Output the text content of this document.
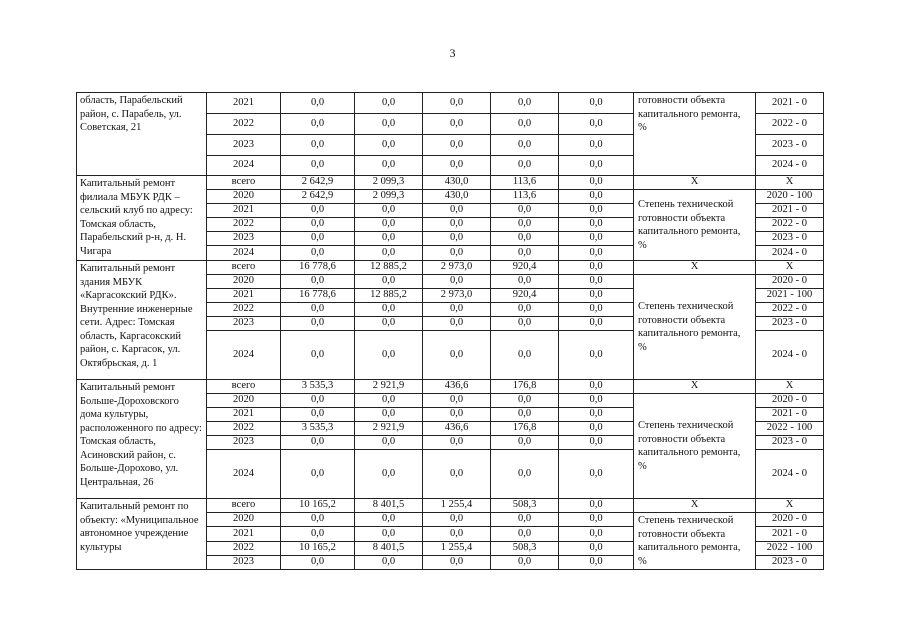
3
область, Парабельский район, с. Парабель, ул. Советская, 21	2021	0,0	0,0	0,0	0,0	0,0	готовности объекта капитального ремонта, %	2021 - 0
	2022	0,0	0,0	0,0	0,0	0,0		2022 - 0
	2023	0,0	0,0	0,0	0,0	0,0		2023 - 0
	2024	0,0	0,0	0,0	0,0	0,0		2024 - 0
Капитальный ремонт филиала МБУК РДК – сельский клуб по адресу: Томская область, Парабельский р-н, д. Н. Чигара	всего	2 642,9	2 099,3	430,0	113,6	0,0	X	X
	2020	2 642,9	2 099,3	430,0	113,6	0,0	Степень технической готовности объекта капитального ремонта, %	2020 - 100
	2021	0,0	0,0	0,0	0,0	0,0		2021 - 0
	2022	0,0	0,0	0,0	0,0	0,0		2022 - 0
	2023	0,0	0,0	0,0	0,0	0,0		2023 - 0
	2024	0,0	0,0	0,0	0,0	0,0		2024 - 0
Капитальный ремонт здания МБУК «Каргасокский РДК». Внутренние инженерные сети. Адрес: Томская область, Каргасокский район, с. Каргасок, ул. Октябрьская, д. 1	всего	16 778,6	12 885,2	2 973,0	920,4	0,0	X	X
	2020	0,0	0,0	0,0	0,0	0,0	Степень технической готовности объекта капитального ремонта, %	2020 - 0
	2021	16 778,6	12 885,2	2 973,0	920,4	0,0		2021 - 100
	2022	0,0	0,0	0,0	0,0	0,0		2022 - 0
	2023	0,0	0,0	0,0	0,0	0,0		2023 - 0
	2024	0,0	0,0	0,0	0,0	0,0		2024 - 0
Капитальный ремонт Больше-Дороховского дома культуры, расположенного по адресу: Томская область, Асиновский район, с. Больше-Дорохово, ул. Центральная, 26	всего	3 535,3	2 921,9	436,6	176,8	0,0	X	X
	2020	0,0	0,0	0,0	0,0	0,0	Степень технической готовности объекта капитального ремонта, %	2020 - 0
	2021	0,0	0,0	0,0	0,0	0,0		2021 - 0
	2022	3 535,3	2 921,9	436,6	176,8	0,0		2022 - 100
	2023	0,0	0,0	0,0	0,0	0,0		2023 - 0
	2024	0,0	0,0	0,0	0,0	0,0		2024 - 0
Капитальный ремонт по объекту: «Муниципальное автономное учреждение культуры	всего	10 165,2	8 401,5	1 255,4	508,3	0,0	X	X
	2020	0,0	0,0	0,0	0,0	0,0	Степень технической готовности объекта капитального ремонта, %	2020 - 0
	2021	0,0	0,0	0,0	0,0	0,0		2021 - 0
	2022	10 165,2	8 401,5	1 255,4	508,3	0,0		2022 - 100
	2023	0,0	0,0	0,0	0,0	0,0		2023 - 0
